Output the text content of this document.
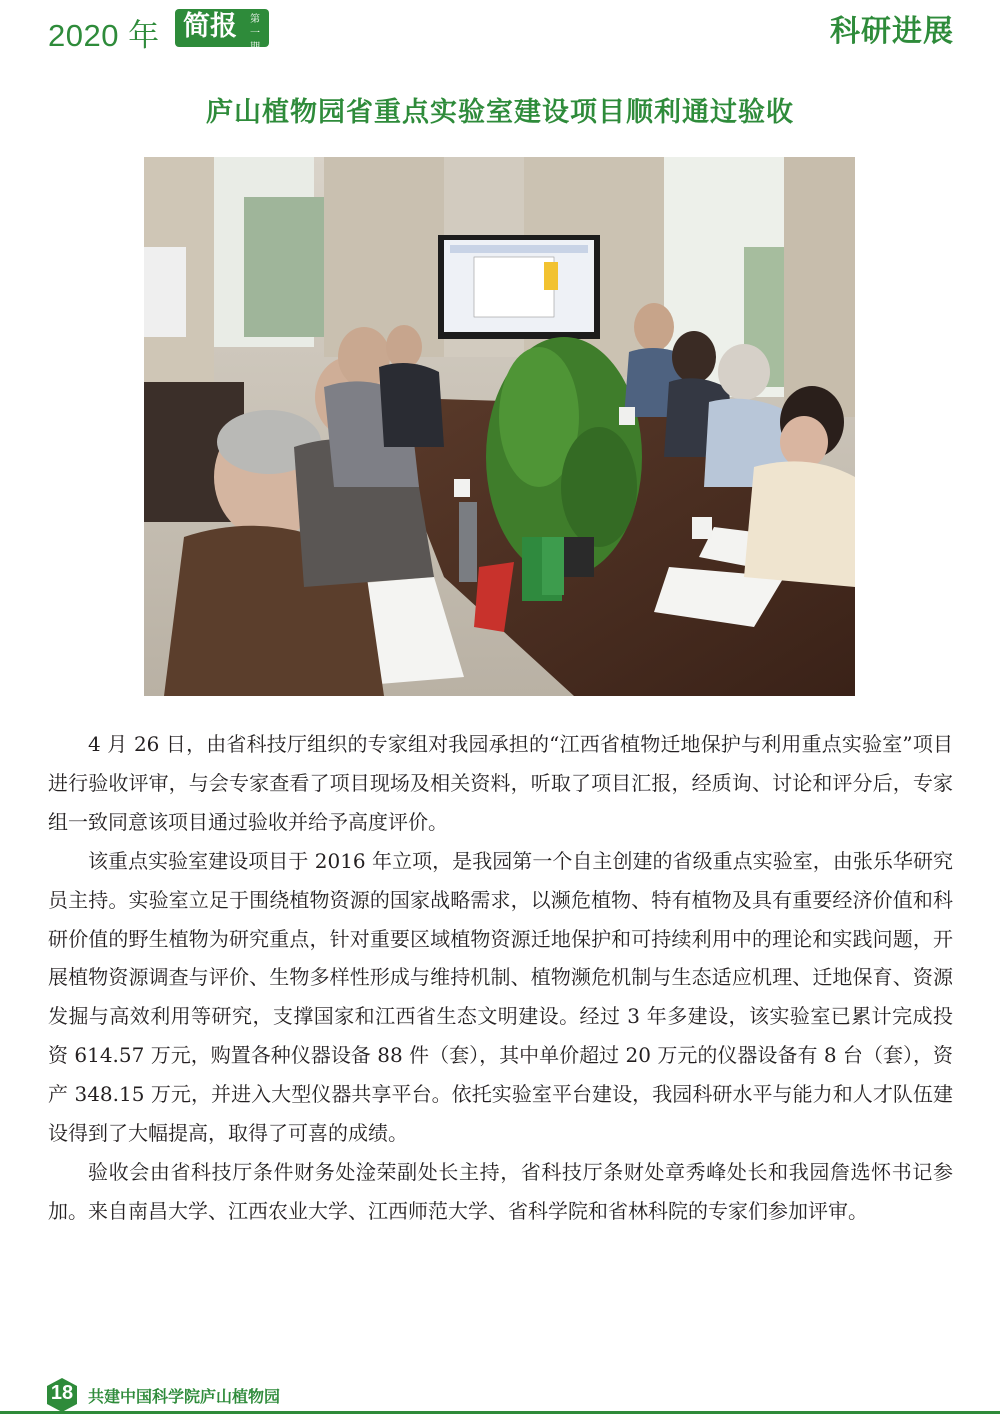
2020 年 简报	第一期	科研进展
庐山植物园省重点实验室建设项目顺利通过验收

4 月 26 日，由省科技厅组织的专家组对我园承担的“江西省植物迁地保护与利用重点实验室”项目进行验收评审，与会专家查看了项目现场及相关资料，听取了项目汇报，经质询、讨论和评分后，专家组一致同意该项目通过验收并给予高度评价。

该重点实验室建设项目于 2016 年立项，是我园第一个自主创建的省级重点实验室，由张乐华研究员主持。实验室立足于围绕植物资源的国家战略需求，以濒危植物、特有植物及具有重要经济价值和科研价值的野生植物为研究重点，针对重要区域植物资源迁地保护和可持续利用中的理论和实践问题，开展植物资源调查与评价、生物多样性形成与维持机制、植物濒危机制与生态适应机理、迁地保育、资源发掘与高效利用等研究，支撑国家和江西省生态文明建设。经过 3 年多建设，该实验室已累计完成投资 614.57 万元，购置各种仪器设备 88 件（套），其中单价超过 20 万元的仪器设备有 8 台（套），资产 348.15 万元，并进入大型仪器共享平台。依托实验室平台建设，我园科研水平与能力和人才队伍建设得到了大幅提高，取得了可喜的成绩。

验收会由省科技厅条件财务处淦荣副处长主持，省科技厅条财处章秀峰处长和我园詹选怀书记参加。来自南昌大学、江西农业大学、江西师范大学、省科学院和省林科院的专家们参加评审。

18 共建中国科学院庐山植物园
